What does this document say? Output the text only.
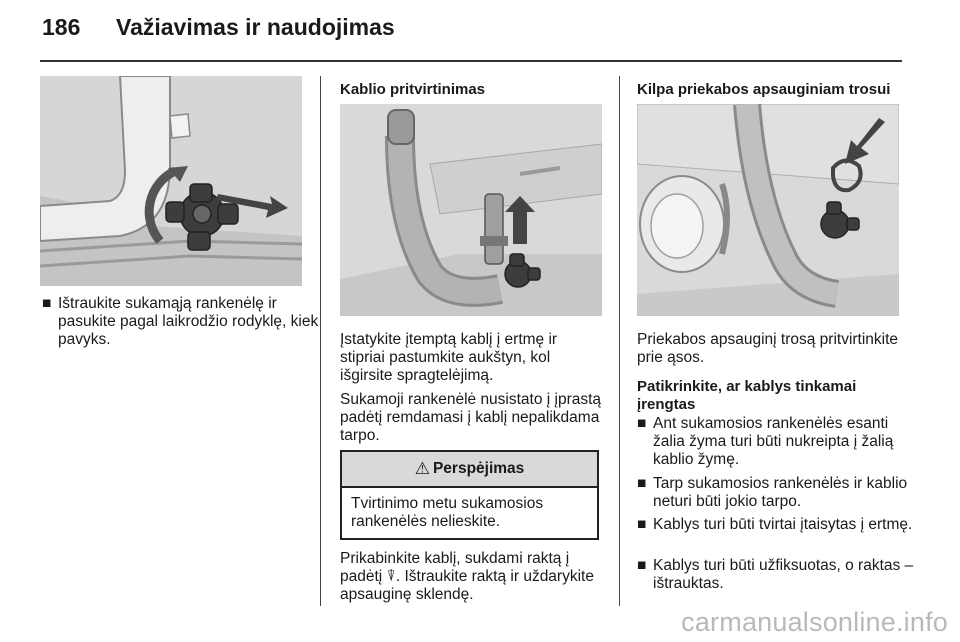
186 Važiavimas ir naudojimas
■ Ištraukite sukamąją rankenėlę ir pasukite pagal laikrodžio rodyklę, kiek pavyks.
Kablio pritvirtinimas
Įstatykite įtemptą kablį į ertmę ir stipriai pastumkite aukštyn, kol išgirsite spragtelėjimą.
Sukamoji rankenėlė nusistato į įprastą padėtį remdamasi į kablį nepalikdama tarpo.
⚠ Perspėjimas
Tvirtinimo metu sukamosios rankenėlės nelieskite.
Prikabinkite kablį, sukdami raktą į padėtį ⍒. Ištraukite raktą ir uždarykite apsauginę sklendę.
Kilpa priekabos apsauginiam trosui
Priekabos apsauginį trosą pritvirtinkite prie ąsos.
Patikrinkite, ar kablys tinkamai įrengtas
■ Ant sukamosios rankenėlės esanti žalia žyma turi būti nukreipta į žalią kablio žymę.
■ Tarp sukamosios rankenėlės ir kablio neturi būti jokio tarpo.
■ Kablys turi būti tvirtai įtaisytas į ertmę.
■ Kablys turi būti užfiksuotas, o raktas – ištrauktas.
carmanualsonline.info
